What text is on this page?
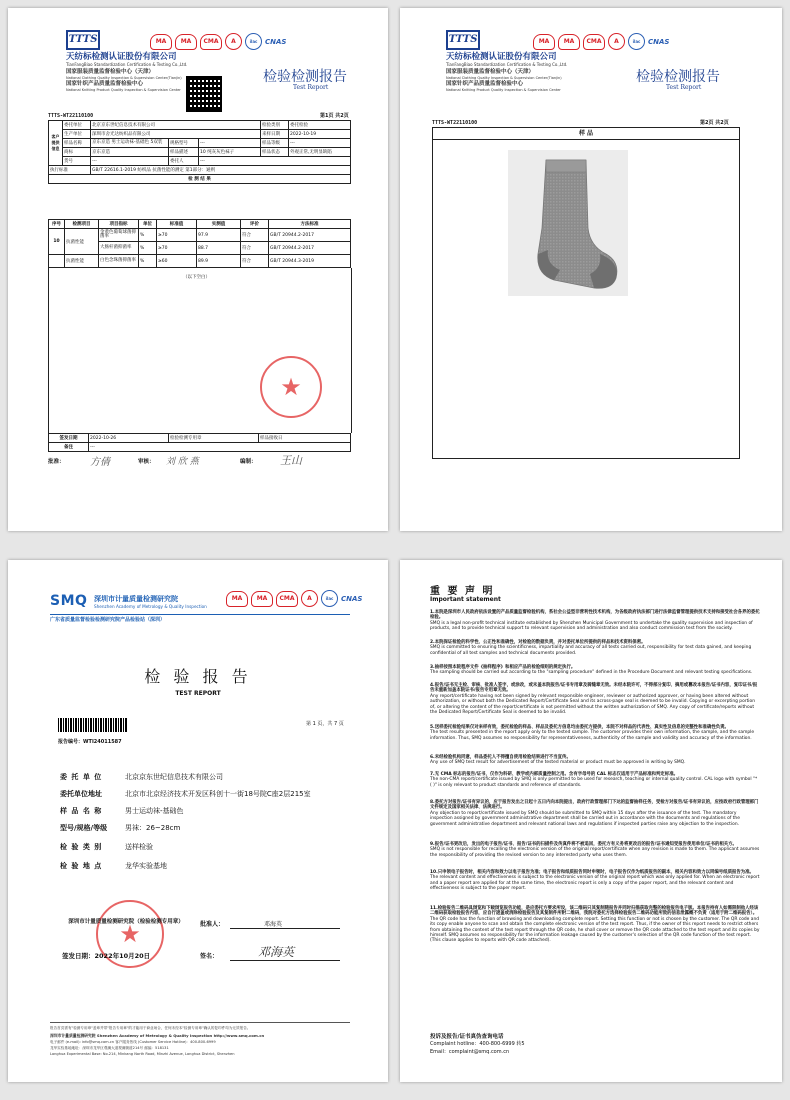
TTTS
天纺标检测认证股份有限公司
TianFangBiao Standardization Certification & Testing Co.,Ltd.
国家服装质量监督检验中心（天津）
National Clothing Quality Inspection & Supervision Center(Tianjin)
国家针织产品质量监督检验中心
National Knitting Product Quality Inspection & Supervision Center
MA MA CMA A	ilac CNAS
检验检测报告
Test Report
TTTS-WT22110100	第1页 共2页
客户提供信息	委托单位	北京京东世纪信息技术有限公司			检验类别	委托检验
	生产单位	深圳市舍光达纺织品有限公司			来样日期	2022-10-19
	样品名称	京东京造 男士运动袜-基础色 5双装	规格型号	---	样品等级	---
	商标	京东京造	样品描述	10 纯灰灰色袜子	样品状态	外观正常,无明显缺陷
	货号	---	委托人	---		
执行标准		GB/T 22616.1-2019 纺织品 抗菌性能的测定 第1部分：通则				
检 测 结 果						
序号	检测项目	项目指标	单位	标准值	实测值	评价	方法标准
10	抗菌性能	金黄色葡萄球菌抑菌率	%	≥70	97.9	符合	GB/T 20944.2-2017
		大肠杆菌抑菌率	%	≥70	88.7	符合	GB/T 20944.2-2017
	抗菌性能	白色念珠菌抑菌率	%	≥60	89.9	符合	GB/T 20944.3-2019
（以下空白）
★
签发日期	2022-10-26	检验检测专用章	样品接收日
备注	---		
批准：	审核：	编制：
方倩	刘 欣 燕	王山
TTTS
天纺标检测认证股份有限公司
TianFangBiao Standardization Certification & Testing Co.,Ltd.
国家服装质量监督检验中心（天津）
National Clothing Quality Inspection & Supervision Center(Tianjin)
国家针织产品质量监督检验中心
National Knitting Product Quality Inspection & Supervision Center
MA MA CMA A	ilac CNAS
检验检测报告
Test Report
TTTS-WT22110100	第2页 共2页
样 品
SMQ 深圳市计量质量检测研究院
Shenzhen Academy of Metrology & Quality Inspection
广东省质量监督检验检测研究院产品检验站（深圳）
MA MA CMA A	ilac CNAS
检 验 报 告
TEST REPORT
第 1 页，共 7 页
报告编号：WTI24011587
委 托 单 位	北京京东世纪信息技术有限公司
委托单位地址	北京市北京经济技术开发区科创十一街18号院C座2层215室
样 品 名 称	男士运动袜-基础色
型号/规格/等级	男袜：26~28cm
检 验 类 别	送样检验
检 验 地 点	龙华实验基地
★
深圳市计量质量检测研究院（检验检测专用章）	批准人：	邓海英
签发日期：2022年10月20日	签名：	邓海英
报告首页需有"检测专用章"盖章并带"报告专用章"的才能用于商业场合，任何未经本"检测专用章"确认的复印件均为无效报告。
深圳市计量质量检测研究院 Shenzhen Academy of Metrology & Quality Inspection http://www.smq.com.cn
电子邮件 (e-mail): info@smq.com.cn 客户服务热线 (Customer Service Hotline)：400-800-6999
龙华实验基地地址：深圳市龙华区观澜大道观澜街道214号 邮编：518131
Longhua Experimental Base: No.214, Minkang North Road, Minzhi Avenue, Longhua District, Shenzhen
重 要 声 明
Important statement
1.本院是深圳市人民政府依法设置的产品质量监督检验机构，系社会公益型非营利性技术机构，为各级政府执法部门进行法律监督管理提供技术支持和接受社会各界的委托检验。
SMQ is a legal non-profit technical institute established by Shenzhen Municipal Government to undertake the quality supervision and inspection of products, and to provide technical support to relevant supervision and administration and also conduct commission test from the society.
2.本院保证检验的科学性、公正性和准确性，对检验的数据负责，并对委托单位所提供的样品和技术资料保密。
SMQ is committed to ensuring the scientificness, impartiality and accuracy of all tests carried out, responsibility for test data gained, and keeping confidential of all test samples and technical documents provided.
3.抽样按照本院程序文件《抽样程序》和相应产品的检验细则的规定执行。
The sampling should be carried out according to the "sampling procedure" defined in the Procedure Document and relevant testing specifications.
4.报告/证书无主检、审核、批准人签字，或涂改，或未盖本院报告/证书专用章及骑缝章无效。未经本院许可，不得部分复印、摘用或篡改本报告/证书内容，复印证书/报告未重新加盖本院证书/报告专用章无效。
Any report/certificate having not been signed by relevant responsible engineer, reviewer or authorized approver, or having been altered without authorization, or without both the Dedicated Report/Certificate Seal and its across-page seal is deemed to be invalid. Copying or excerpting portion of, or altering the content of the report/certificate is not permitted without the written authorization of SMQ. Any copy of certificate/reports without the Dedicated Report/Certificate Seal is deemed to be invalid.
5.送样委托检验结果仅对来样有效，委托检验的样品、样品及委托方信息均由委托方提供，本院不对样品的代表性、真实性及信息的完整性和准确性负责。
The test results presented in the report apply only to the tested sample. The customer provides their own information, the sample, and the sample information. Thus, SMQ assumes no responsibility for representativeness, authenticity of the sample and validity and accuracy of the information.
6.未经检验机构同意，样品委托人不得擅自使用检验结果进行不当宣传。
Any use of SMQ test result for advertisement of the tested material or product must be approved in writing by SMQ.
7.无 CMA 标志的报告/证书，仅作为科研、教学或内部质量控制之用。含有字母号的 CAL 标志仅适用于产品标准和判定标准。
The non-CMA report/certificate issued by SMQ is only permitted to be used for research, teaching or internal quality control. CAL logo with symbol "*( )" is only relevant to product standards and reference of standards.
8.委托方对报告/证书有异议的，应于报告发出之日起十五日内向本院提出，政府行政管理部门下达的监督抽样任务，受检方对报告/证书有异议的，应按政府行政管理部门文件规定及国家相关法律、法规进行。
Any objection to report/certificate issued by SMQ should be submitted to SMQ within 15 days after the issuance of the test. The mandatory inspection assigned by government administrative department shall be carried out in accordance with the documents and regulations of the government administrative department and relevant national laws and regulations if inspected parties raise any objection to the inspection.
9.报告/证书更改后，发出的电子报告/证书、报告/证书的扫描件及传真件将不被追回，委托方有义务将更改后的报告/证书通知受报告使用单位/证书的相关方。
SMQ is not responsible for recalling the electronic version of the original report/certificate when any revision is made to them. The applicant assumes the responsibility of providing the revised version to any interested party who uses them.
10.只申领电子报告时，相关内容和效力以电子报告为准；电子报告和纸质报告同时申领时，电子报告仅作为纸质报告的副本，相关内容和效力以同编号纸质报告为准。
The relevant content and effectiveness is subject to the electronic version of the original report which was only applied for. When an electronic report and a paper report are applied for at the same time, the electronic report is only a copy of the paper report, and the relevant content and effectiveness is subject to the paper report.
11.检验报告二维码具浏览和下载浏览报告功能，是应委托方要求所设，该二维码只其复制随报告并同时扫描获取完整的检验报告电子版。本报告持有人如需限制他人经该二维码获取检验报告内容，应自行遮盖或消除检验报告及其复制件所附二维码，我院对委托方选择检验报告二维码功能所致的信息泄露概不负责（适用于附二维码报告）。
The QR code has the function of browsing and downloading complete report. Setting this function or not is chosen by the customer. The QR code and its copy enable anyone to scan and obtain the complete electronic version of the test report. Thus, if the owner of this report needs to restrict others from obtaining the content of the test report through the QR code, he shall cover or remove the QR code attached to the test report and its copies by himself. SMQ assumes no responsibility for the information leakage caused by the customer's selection of the QR code function of the test report. (This clause applies to reports with QR code attached).
投诉及报告/证书真伪查询电话
Complaint hotline：400-800-6999 转5
Email：complaint@smq.com.cn
